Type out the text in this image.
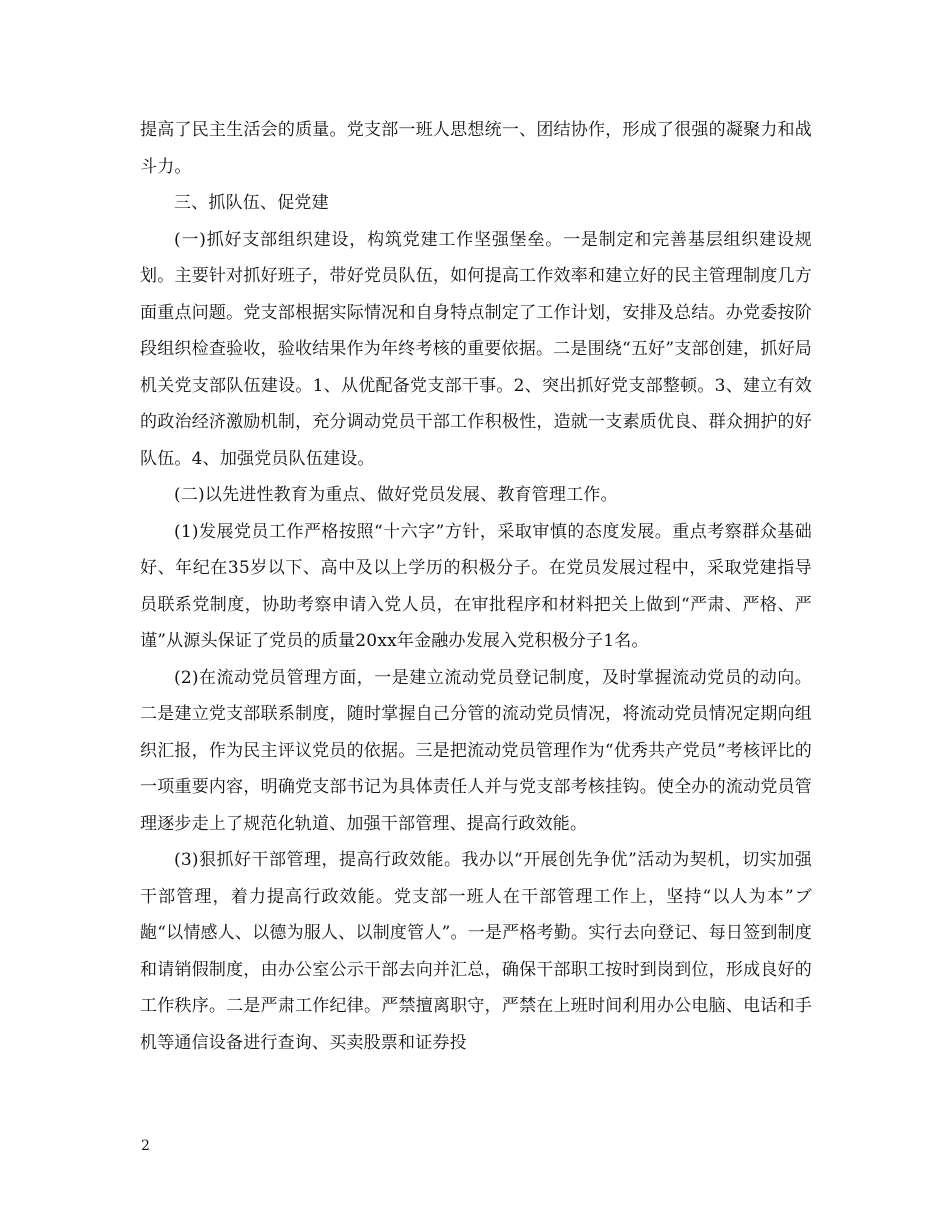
提高了民主生活会的质量。党支部一班人思想统一、团结协作，形成了很强的凝聚力和战斗力。

三、抓队伍、促党建

(一)抓好支部组织建设，构筑党建工作坚强堡垒。一是制定和完善基层组织建设规划。主要针对抓好班子，带好党员队伍，如何提高工作效率和建立好的民主管理制度几方面重点问题。党支部根据实际情况和自身特点制定了工作计划，安排及总结。办党委按阶段组织检查验收，验收结果作为年终考核的重要依据。二是围绕“五好”支部创建，抓好局机关党支部队伍建设。1、从优配备党支部干事。2、突出抓好党支部整顿。3、建立有效的政治经济激励机制，充分调动党员干部工作积极性，造就一支素质优良、群众拥护的好队伍。4、加强党员队伍建设。

(二)以先进性教育为重点、做好党员发展、教育管理工作。

(1)发展党员工作严格按照“十六字”方针，采取审慎的态度发展。重点考察群众基础好、年纪在35岁以下、高中及以上学历的积极分子。在党员发展过程中，采取党建指导员联系党制度，协助考察申请入党人员，在审批程序和材料把关上做到“严肃、严格、严谨”从源头保证了党员的质量20xx年金融办发展入党积极分子1名。

(2)在流动党员管理方面，一是建立流动党员登记制度，及时掌握流动党员的动向。二是建立党支部联系制度，随时掌握自己分管的流动党员情况，将流动党员情况定期向组织汇报，作为民主评议党员的依据。三是把流动党员管理作为“优秀共产党员”考核评比的一项重要内容，明确党支部书记为具体责任人并与党支部考核挂钩。使全办的流动党员管理逐步走上了规范化轨道、加强干部管理、提高行政效能。

(3)狠抓好干部管理，提高行政效能。我办以“开展创先争优”活动为契机，切实加强干部管理，着力提高行政效能。党支部一班人在干部管理工作上，坚持“以人为本”ブ龅“以情感人、以德为服人、以制度管人”。一是严格考勤。实行去向登记、每日签到制度和请销假制度，由办公室公示干部去向并汇总，确保干部职工按时到岗到位，形成良好的工作秩序。二是严肃工作纪律。严禁擅离职守，严禁在上班时间利用办公电脑、电话和手机等通信设备进行查询、买卖股票和证券投

2
